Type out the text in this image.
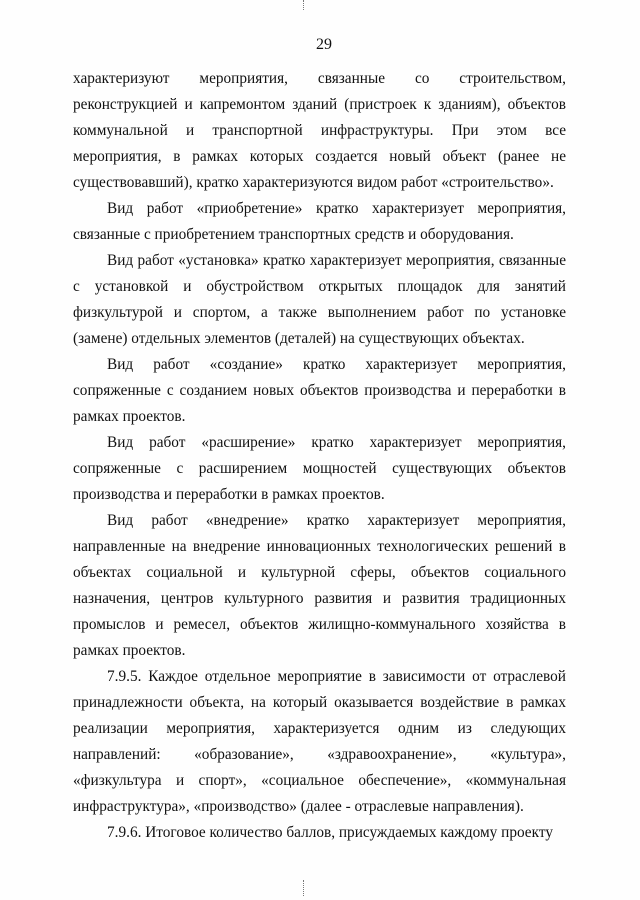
29

характеризуют мероприятия, связанные со строительством, реконструкцией и капремонтом зданий (пристроек к зданиям), объектов коммунальной и транспортной инфраструктуры. При этом все мероприятия, в рамках которых создается новый объект (ранее не существовавший), кратко характеризуются видом работ «строительство».

Вид работ «приобретение» кратко характеризует мероприятия, связанные с приобретением транспортных средств и оборудования.

Вид работ «установка» кратко характеризует мероприятия, связанные с установкой и обустройством открытых площадок для занятий физкультурой и спортом, а также выполнением работ по установке (замене) отдельных элементов (деталей) на существующих объектах.

Вид работ «создание» кратко характеризует мероприятия, сопряженные с созданием новых объектов производства и переработки в рамках проектов.

Вид работ «расширение» кратко характеризует мероприятия, сопряженные с расширением мощностей существующих объектов производства и переработки в рамках проектов.

Вид работ «внедрение» кратко характеризует мероприятия, направленные на внедрение инновационных технологических решений в объектах социальной и культурной сферы, объектов социального назначения, центров культурного развития и развития традиционных промыслов и ремесел, объектов жилищно-коммунального хозяйства в рамках проектов.

7.9.5. Каждое отдельное мероприятие в зависимости от отраслевой принадлежности объекта, на который оказывается воздействие в рамках реализации мероприятия, характеризуется одним из следующих направлений: «образование», «здравоохранение», «культура», «физкультура и спорт», «социальное обеспечение», «коммунальная инфраструктура», «производство» (далее - отраслевые направления).

7.9.6. Итоговое количество баллов, присуждаемых каждому проекту
